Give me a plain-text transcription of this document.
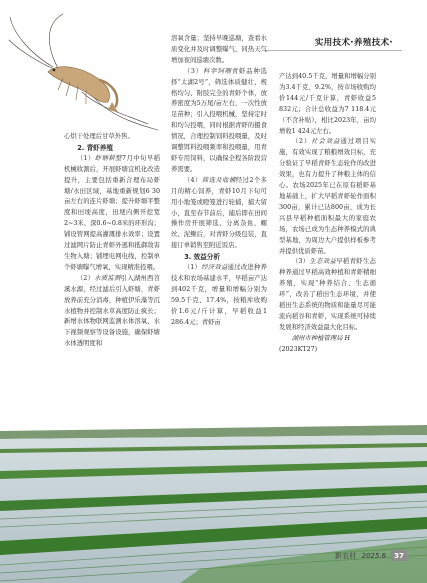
实用技术·养殖技术·

心烘干处理后甘草外售。

2. 青虾养殖

（1）虾塘耕整7月中旬早稻机械收割后，开展虾塘宜机化改造提升，主要包括重新合理布局虾塘/水田区域，基地重新规划6 30亩左右的连片虾塘；提升虾塘平整度和田埂高度，田埂内侧开挖宽2~3米、深0.6~0.8米的环形沟；铺设管网提高灌溉排水效率；设置过滤网片防止青虾外逃和抵御敌害生物入塘；铺埋电网电线，控制单个虾塘曝气增氧，实现精准投喂。

（2）水质监测引入湖州西苕溪水源，经过滤后引入虾塘，青虾放养前充分消毒，种植伊乐藻等沉水植物并控制水草高度防止疯长；新增水体物联网监测水体溶氧、水下视频观察等设备设施，确保虾塘水体透明度和

溶氧含量；坚持早晚巡塘，查看水质变化并及时调整曝气，同热天气增加夜间巡塘次数。

（3）科学饲喂青虾品种选择“太湖2号”，筛选体质健壮、规格均匀、附肢完全的青虾个体，放养密度为5万尾/亩左右，一次性放足苗种；引入投喂机械，坚持定时和均匀投喂，同时根据青虾的摄食情况，合理控制饲料投喂量，及时调整饵料投喂频率和投喂量，用青虾专用饲料，以确保全程各阶段营养需要。

（4）筛选及收捕经过2个多月的精心饲养，青虾10月下旬可用小地笼或瞪笼进行轮捕，捕大留小，直至春节前后，捕后即在田间操作房开展筛选、分离杂鱼、螺丝、泥鳅后，对青虾分级包装，直接订单销售至附近饭店。

3. 效益分析

（1）经济效益通过改进种养技术和农场基建水平，早稻亩产达到402千克，增量和增幅分别为59.5千克、17.4%，按粮库收购价1.6元/斤计算，早稻收益1 286.4元；青虾亩

产达到40.5千克，增量和增幅分别为3.4千克、9.2%，按市场收购均价144元/千克计算，青虾收益5 832元；合计总收益为7 118.4元（不含补贴），相比2023年，亩均增收1 424元左右。

（2）社会效益通过项目实施，有效实现了粮粮增效目标，充分验证了早稻青虾生态轮作的改进效果，也有力提升了种粮主体的信心。农场2025年已在原有稻虾基地基础上，扩大早稻青虾轮作面积300亩，累计已达800亩，成为长兴县早稻种植面积最大的家庭农场，农场已成为生态种养模式的典型基地，为周边大户提供样板参考并提供优质虾苗。

（3）生态效益早稻青虾生态种养通过早稻高效种植和青虾精细养殖，实现“种养结合、生态循环”，改善了稻田生态环境，并使稻田生态系统的物质和能量尽可能流向稻谷和青虾，实现系统可持续发展和经济效益最大化目标。

湖州市种植管理局 H

(2023KT27)

新农村 2025.6	37
